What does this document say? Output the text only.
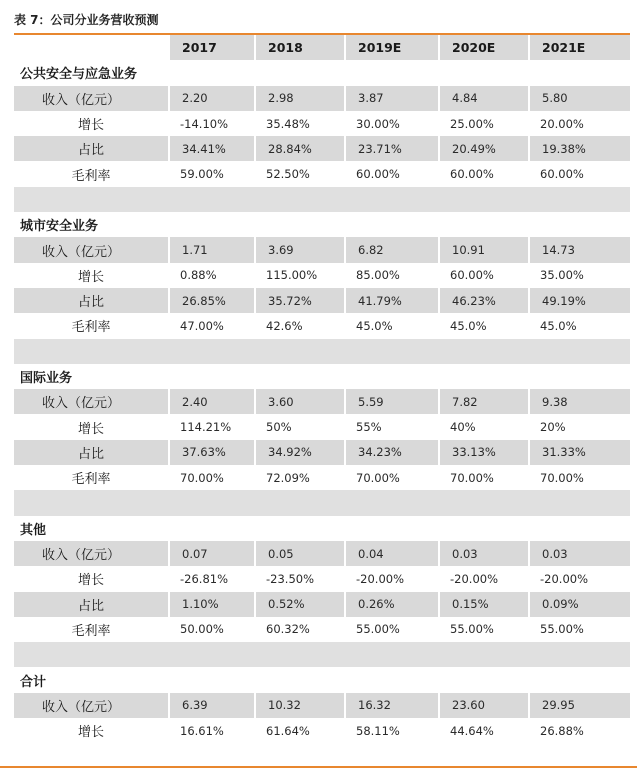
表 7：公司分业务营收预测
	2017	2018	2019E	2020E	2021E
公共安全与应急业务					
收入（亿元）	2.20	2.98	3.87	4.84	5.80
增长	-14.10%	35.48%	30.00%	25.00%	20.00%
占比	34.41%	28.84%	23.71%	20.49%	19.38%
毛利率	59.00%	52.50%	60.00%	60.00%	60.00%

城市安全业务					
收入（亿元）	1.71	3.69	6.82	10.91	14.73
增长	0.88%	115.00%	85.00%	60.00%	35.00%
占比	26.85%	35.72%	41.79%	46.23%	49.19%
毛利率	47.00%	42.6%	45.0%	45.0%	45.0%

国际业务					
收入（亿元）	2.40	3.60	5.59	7.82	9.38
增长	114.21%	50%	55%	40%	20%
占比	37.63%	34.92%	34.23%	33.13%	31.33%
毛利率	70.00%	72.09%	70.00%	70.00%	70.00%

其他					
收入（亿元）	0.07	0.05	0.04	0.03	0.03
增长	-26.81%	-23.50%	-20.00%	-20.00%	-20.00%
占比	1.10%	0.52%	0.26%	0.15%	0.09%
毛利率	50.00%	60.32%	55.00%	55.00%	55.00%

合计					
收入（亿元）	6.39	10.32	16.32	23.60	29.95
增长	16.61%	61.64%	58.11%	44.64%	26.88%
